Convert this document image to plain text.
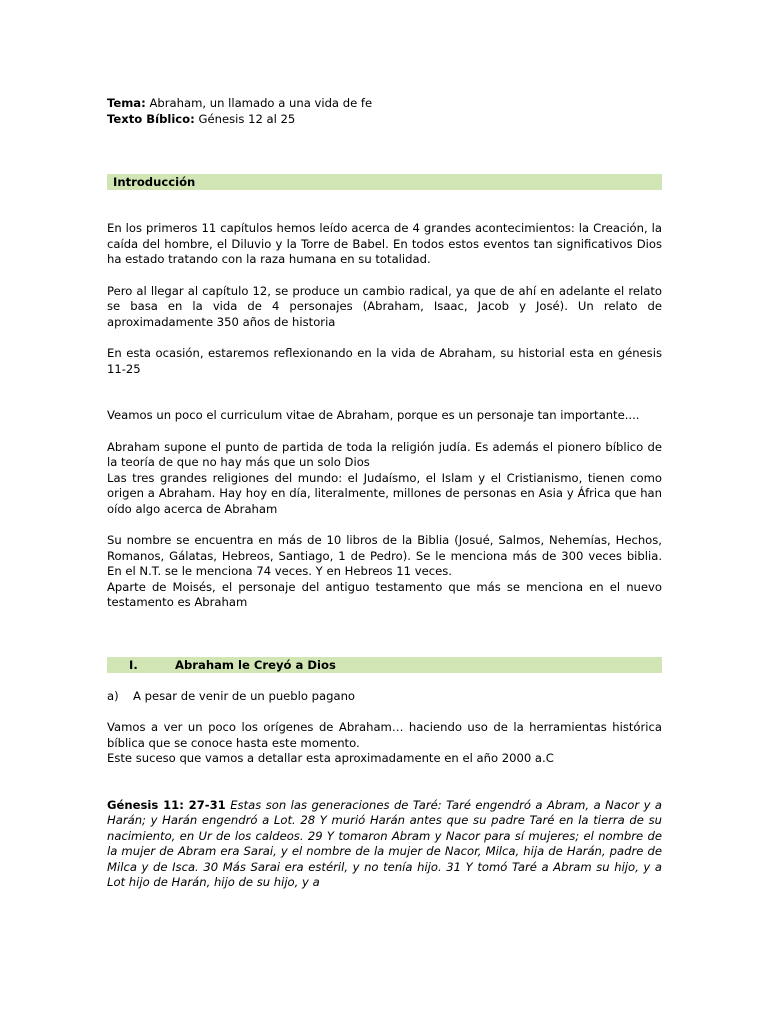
Tema: Abraham, un llamado a una vida de fe

Texto Bíblico: Génesis 12 al 25

Introducción

En los primeros 11 capítulos hemos leído acerca de 4 grandes acontecimientos: la Creación, la caída del hombre, el Diluvio y la Torre de Babel. En todos estos eventos tan significativos Dios ha estado tratando con la raza humana en su totalidad.

Pero al llegar al capítulo 12, se produce un cambio radical, ya que de ahí en adelante el relato se basa en la vida de 4 personajes (Abraham, Isaac, Jacob y José). Un relato de aproximadamente 350 años de historia

En esta ocasión, estaremos reflexionando en la vida de Abraham, su historial esta en génesis 11-25

Veamos un poco el curriculum vitae de Abraham, porque es un personaje tan importante....

Abraham supone el punto de partida de toda la religión judía. Es además el pionero bíblico de la teoría de que no hay más que un solo Dios

Las tres grandes religiones del mundo: el Judaísmo, el Islam y el Cristianismo, tienen como origen a Abraham. Hay hoy en día, literalmente, millones de personas en Asia y África que han oído algo acerca de Abraham

Su nombre se encuentra en más de 10 libros de la Biblia (Josué, Salmos, Nehemías, Hechos, Romanos, Gálatas, Hebreos, Santiago, 1 de Pedro). Se le menciona más de 300 veces biblia. En el N.T. se le menciona 74 veces. Y en Hebreos 11 veces.

Aparte de Moisés, el personaje del antiguo testamento que más se menciona en el nuevo testamento es Abraham

I.	Abraham le Creyó a Dios

a) A pesar de venir de un pueblo pagano

Vamos a ver un poco los orígenes de Abraham… haciendo uso de la herramientas histórica bíblica que se conoce hasta este momento.

Este suceso que vamos a detallar esta aproximadamente en el año 2000 a.C

Génesis 11: 27-31 Estas son las generaciones de Taré: Taré engendró a Abram, a Nacor y a Harán; y Harán engendró a Lot. 28 Y murió Harán antes que su padre Taré en la tierra de su nacimiento, en Ur de los caldeos. 29 Y tomaron Abram y Nacor para sí mujeres; el nombre de la mujer de Abram era Sarai, y el nombre de la mujer de Nacor, Milca, hija de Harán, padre de Milca y de Isca. 30 Más Sarai era estéril, y no tenía hijo. 31 Y tomó Taré a Abram su hijo, y a Lot hijo de Harán, hijo de su hijo, y a
